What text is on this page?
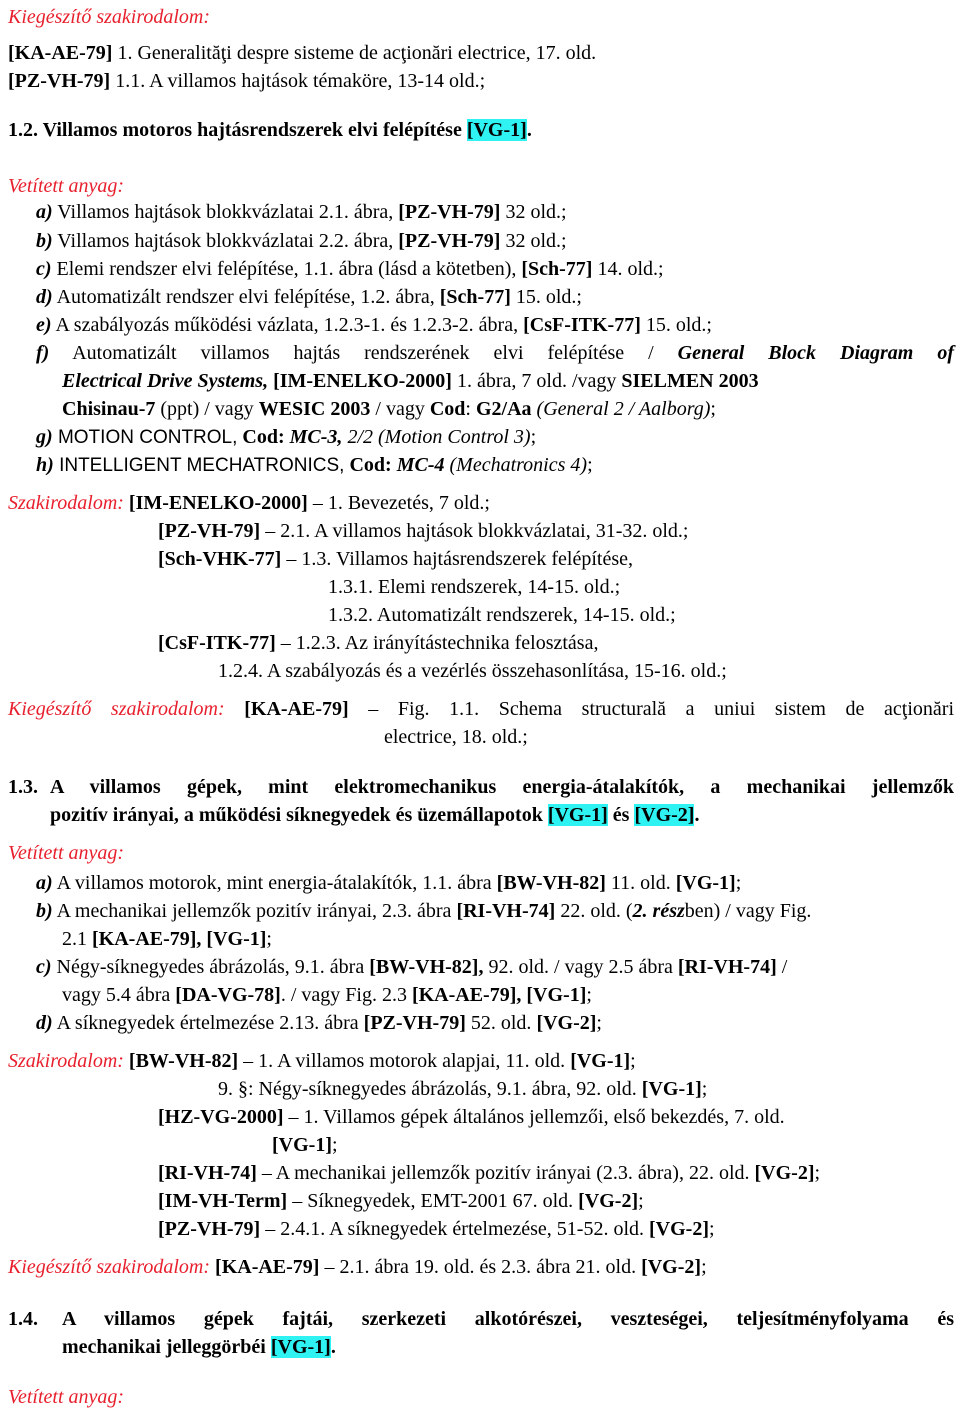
Kiegészítő szakirodalom:
[KA-AE-79] 1. Generalităţi despre sisteme de acţionări electrice, 17. old.
[PZ-VH-79] 1.1. A villamos hajtások témaköre, 13-14 old.;
1.2. Villamos motoros hajtásrendszerek elvi felépítése [VG-1].
Vetített anyag:
a) Villamos hajtások blokkvázlatai 2.1. ábra, [PZ-VH-79] 32 old.;
b) Villamos hajtások blokkvázlatai 2.2. ábra, [PZ-VH-79] 32 old.;
c) Elemi rendszer elvi felépítése, 1.1. ábra (lásd a kötetben), [Sch-77] 14. old.;
d) Automatizált rendszer elvi felépítése, 1.2. ábra, [Sch-77] 15. old.;
e) A szabályozás működési vázlata, 1.2.3-1. és 1.2.3-2. ábra, [CsF-ITK-77] 15. old.;
f) Automatizált villamos hajtás rendszerének elvi felépítése / General Block Diagram of
Electrical Drive Systems, [IM-ENELKO-2000] 1. ábra, 7 old. /vagy SIELMEN 2003
Chisinau-7 (ppt) / vagy WESIC 2003 / vagy Cod: G2/Aa (General 2 / Aalborg);
g) MOTION CONTROL, Cod: MC-3, 2/2 (Motion Control 3);
h) INTELLIGENT MECHATRONICS, Cod: MC-4 (Mechatronics 4);
Szakirodalom: [IM-ENELKO-2000] – 1. Bevezetés, 7 old.;
[PZ-VH-79] – 2.1. A villamos hajtások blokkvázlatai, 31-32. old.;
[Sch-VHK-77] – 1.3. Villamos hajtásrendszerek felépítése,
1.3.1. Elemi rendszerek, 14-15. old.;
1.3.2. Automatizált rendszerek, 14-15. old.;
[CsF-ITK-77] – 1.2.3. Az irányítástechnika felosztása,
1.2.4. A szabályozás és a vezérlés összehasonlítása, 15-16. old.;
Kiegészítő szakirodalom: [KA-AE-79] – Fig. 1.1. Schema structurală a uniui sistem de acţionări
electrice, 18. old.;
1.3. A villamos gépek, mint elektromechanikus energia-átalakítók, a mechanikai jellemzők
pozitív irányai, a működési síknegyedek és üzemállapotok [VG-1] és [VG-2].
Vetített anyag:
a) A villamos motorok, mint energia-átalakítók, 1.1. ábra [BW-VH-82] 11. old. [VG-1];
b) A mechanikai jellemzők pozitív irányai, 2.3. ábra [RI-VH-74] 22. old. (2. részben) / vagy Fig.
2.1 [KA-AE-79], [VG-1];
c) Négy-síknegyedes ábrázolás, 9.1. ábra [BW-VH-82], 92. old. / vagy 2.5 ábra [RI-VH-74] /
vagy 5.4 ábra [DA-VG-78]. / vagy Fig. 2.3 [KA-AE-79], [VG-1];
d) A síknegyedek értelmezése 2.13. ábra [PZ-VH-79] 52. old. [VG-2];
Szakirodalom: [BW-VH-82] – 1. A villamos motorok alapjai, 11. old. [VG-1];
9. §: Négy-síknegyedes ábrázolás, 9.1. ábra, 92. old. [VG-1];
[HZ-VG-2000] – 1. Villamos gépek általános jellemzői, első bekezdés, 7. old.
[VG-1];
[RI-VH-74] – A mechanikai jellemzők pozitív irányai (2.3. ábra), 22. old. [VG-2];
[IM-VH-Term] – Síknegyedek, EMT-2001 67. old. [VG-2];
[PZ-VH-79] – 2.4.1. A síknegyedek értelmezése, 51-52. old. [VG-2];
Kiegészítő szakirodalom: [KA-AE-79] – 2.1. ábra 19. old. és 2.3. ábra 21. old. [VG-2];
1.4. A villamos gépek fajtái, szerkezeti alkotórészei, veszteségei, teljesítményfolyama és
mechanikai jelleggörbéi [VG-1].
Vetített anyag:
